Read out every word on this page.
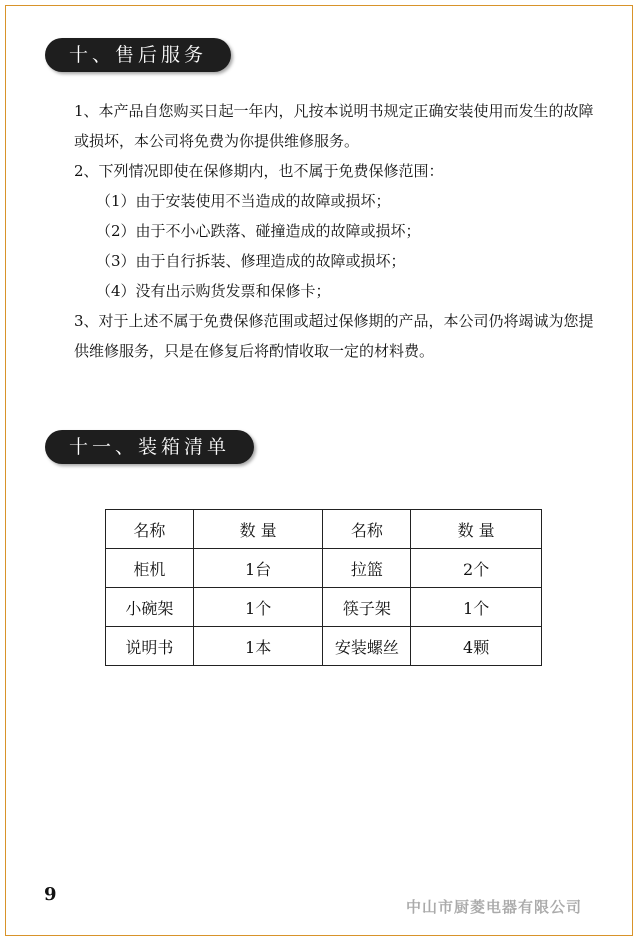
十、售后服务

1、本产品自您购买日起一年内，凡按本说明书规定正确安装使用而发生的故障或损坏，本公司将免费为你提供维修服务。

2、下列情况即使在保修期内，也不属于免费保修范围：

（1）由于安装使用不当造成的故障或损坏；

（2）由于不小心跌落、碰撞造成的故障或损坏；

（3）由于自行拆装、修理造成的故障或损坏；

（4）没有出示购货发票和保修卡；

3、对于上述不属于免费保修范围或超过保修期的产品，本公司仍将竭诚为您提供维修服务，只是在修复后将酌情收取一定的材料费。

十一、装箱清单
名称	数 量	名称	数 量
柜机	1台	拉篮	2个
小碗架	1个	筷子架	1个
说明书	1本	安装螺丝	4颗
9
中山市厨菱电器有限公司
